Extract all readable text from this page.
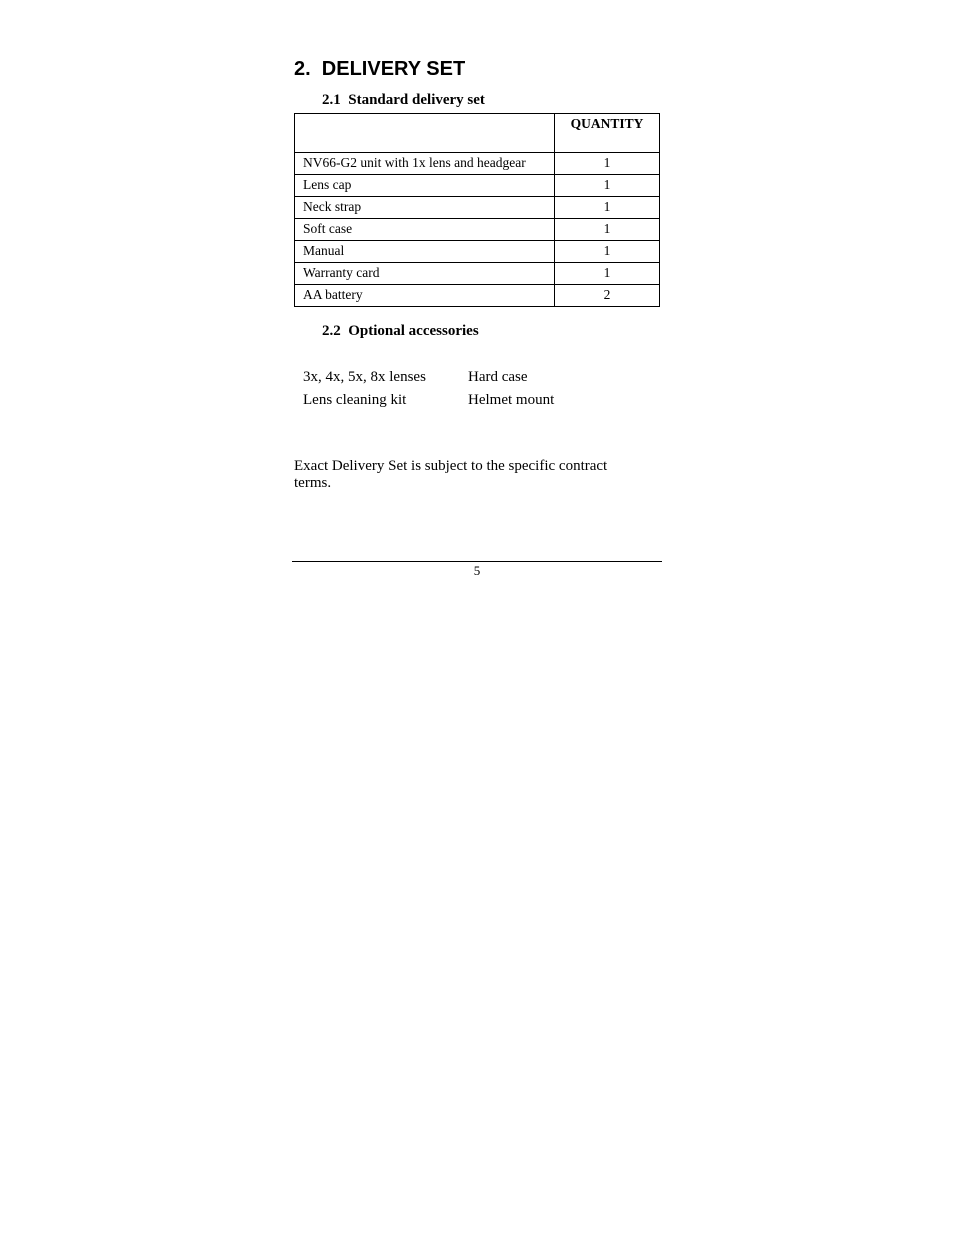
2.  DELIVERY SET
2.1  Standard delivery set
	QUANTITY
NV66-G2 unit with 1x lens and headgear	1
Lens cap	1
Neck strap	1
Soft case	1
Manual	1
Warranty card	1
AA battery	2
2.2  Optional accessories
3x, 4x, 5x, 8x lenses	Hard case
Lens cleaning kit	Helmet mount

Exact Delivery Set is subject to the specific contract terms.

5
